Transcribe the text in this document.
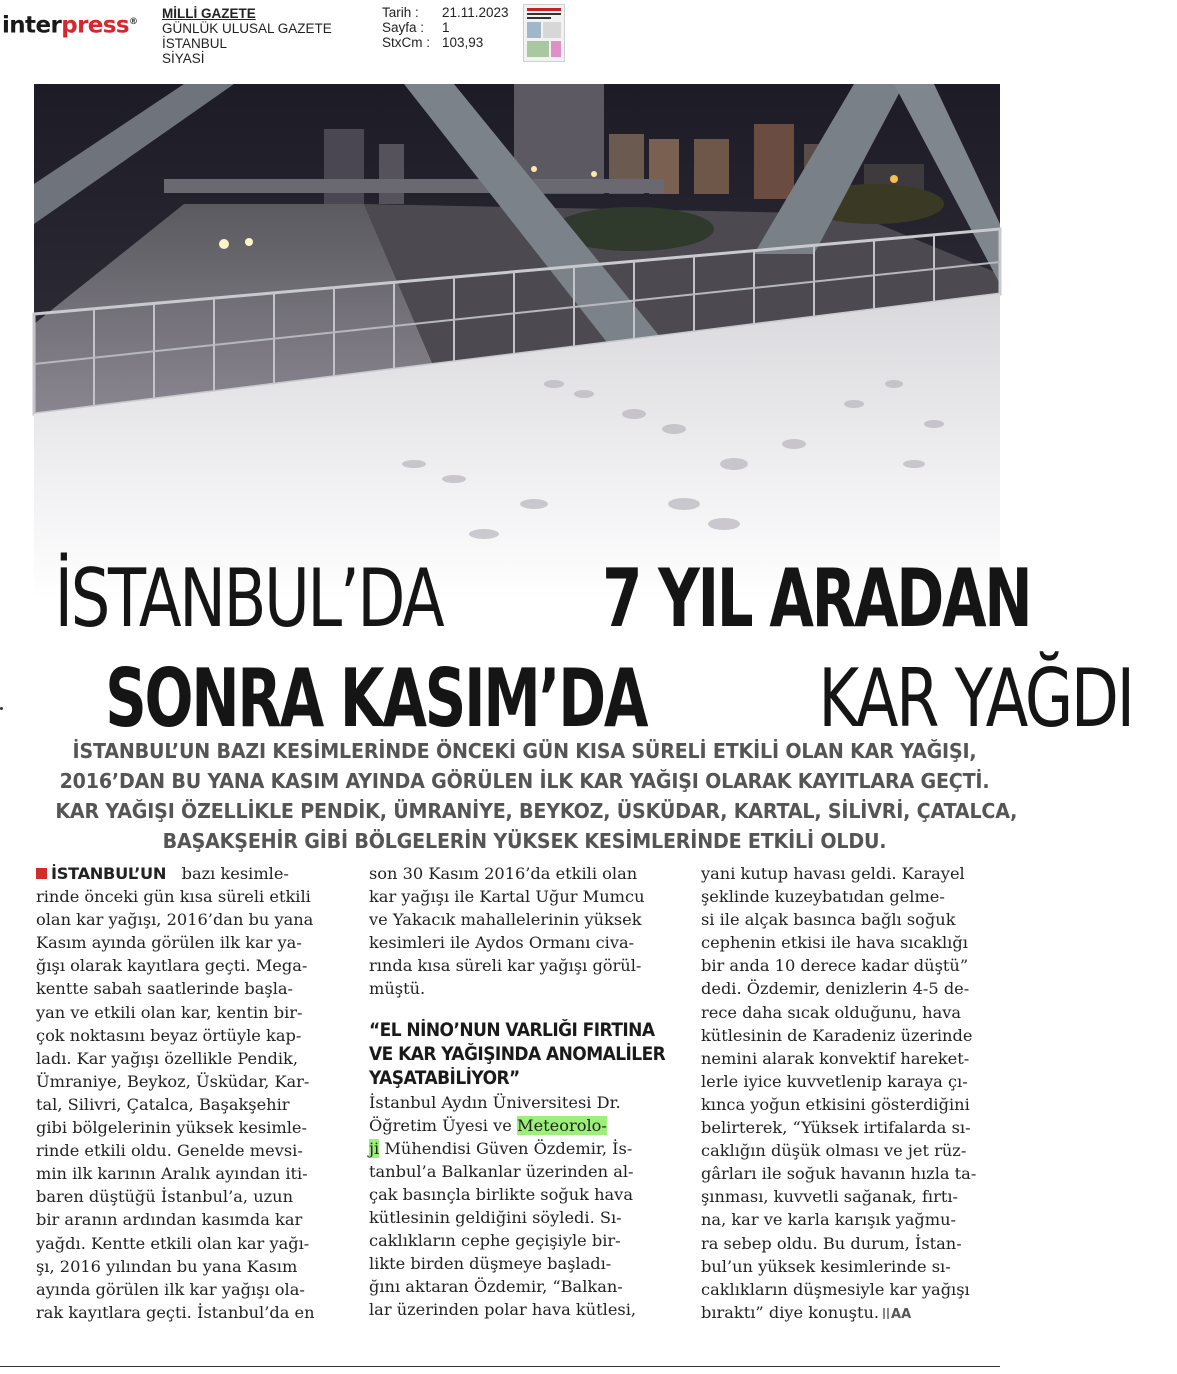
interpress®
MİLLİ GAZETE
GÜNLÜK ULUSAL GAZETE
İSTANBUL
SİYASİ
Tarih :	21.11.2023
Sayfa :	1
StxCm : 103,93
İSTANBUL’DA 7 YIL ARADAN
SONRA KASIM’DA KAR YAĞDI
İSTANBUL’UN BAZI KESİMLERİNDE ÖNCEKİ GÜN KISA SÜRELİ ETKİLİ OLAN KAR YAĞIŞI,
2016’DAN BU YANA KASIM AYINDA GÖRÜLEN İLK KAR YAĞIŞI OLARAK KAYITLARA GEÇTİ.
KAR YAĞIŞI ÖZELLİKLE PENDİK, ÜMRANİYE, BEYKOZ, ÜSKÜDAR, KARTAL, SİLİVRİ, ÇATALCA,
BAŞAKŞEHİR GİBİ BÖLGELERİN YÜKSEK KESİMLERİNDE ETKİLİ OLDU.
İSTANBUL’UN bazı kesimle-
rinde önceki gün kısa süreli etkili
olan kar yağışı, 2016’dan bu yana
Kasım ayında görülen ilk kar ya-
ğışı olarak kayıtlara geçti. Mega-
kentte sabah saatlerinde başla-
yan ve etkili olan kar, kentin bir-
çok noktasını beyaz örtüyle kap-
ladı. Kar yağışı özellikle Pendik,
Ümraniye, Beykoz, Üsküdar, Kar-
tal, Silivri, Çatalca, Başakşehir
gibi bölgelerinin yüksek kesimle-
rinde etkili oldu. Genelde mevsi-
min ilk karının Aralık ayından iti-
baren düştüğü İstanbul’a, uzun
bir aranın ardından kasımda kar
yağdı. Kentte etkili olan kar yağı-
şı, 2016 yılından bu yana Kasım
ayında görülen ilk kar yağışı ola-
rak kayıtlara geçti. İstanbul’da en
son 30 Kasım 2016’da etkili olan
kar yağışı ile Kartal Uğur Mumcu
ve Yakacık mahallelerinin yüksek
kesimleri ile Aydos Ormanı civa-
rında kısa süreli kar yağışı görül-
müştü.
“EL NİNO’NUN VARLIĞI FIRTINA
VE KAR YAĞIŞINDA ANOMALİLER
YAŞATABİLİYOR”
İstanbul Aydın Üniversitesi Dr.
Öğretim Üyesi ve Meteorolo-
ji Mühendisi Güven Özdemir, İs-
tanbul’a Balkanlar üzerinden al-
çak basınçla birlikte soğuk hava
kütlesinin geldiğini söyledi. Sı-
caklıkların cephe geçişiyle bir-
likte birden düşmeye başladı-
ğını aktaran Özdemir, “Balkan-
lar üzerinden polar hava kütlesi,
yani kutup havası geldi. Karayel
şeklinde kuzeybatıdan gelme-
si ile alçak basınca bağlı soğuk
cephenin etkisi ile hava sıcaklığı
bir anda 10 derece kadar düştü”
dedi. Özdemir, denizlerin 4-5 de-
rece daha sıcak olduğunu, hava
kütlesinin de Karadeniz üzerinde
nemini alarak konvektif hareket-
lerle iyice kuvvetlenip karaya çı-
kınca yoğun etkisini gösterdiğini
belirterek, “Yüksek irtifalarda sı-
caklığın düşük olması ve jet rüz-
gârları ile soğuk havanın hızla ta-
şınması, kuvvetli sağanak, fırtı-
na, kar ve karla karışık yağmu-
ra sebep oldu. Bu durum, İstan-
bul’un yüksek kesimlerinde sı-
caklıkların düşmesiyle kar yağışı
bıraktı” diye konuştu. AA
